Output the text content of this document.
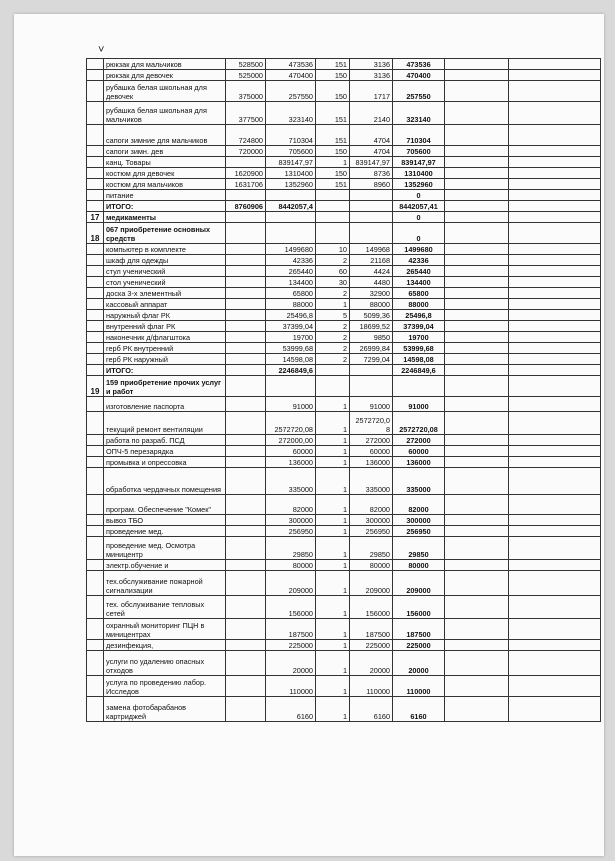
˅
	рюкзак для мальчиков	528500	473536	151	3136	473536		
	рюкзак для девочек	525000	470400	150	3136	470400		
	рубашка белая школьная для девочек	375000	257550	150	1717	257550		
	рубашка белая школьная для мальчиков	377500	323140	151	2140	323140		
	сапоги зимние для мальчиков	724800	710304	151	4704	710304		
	сапоги зимн. дев	720000	705600	150	4704	705600		
	канц. Товары		839147,97	1	839147,97	839147,97		
	костюм для девочек	1620900	1310400	150	8736	1310400		
	костюм для мальчиков	1631706	1352960	151	8960	1352960		
	питание					0		
	ИТОГО:	8760906	8442057,4			8442057,41		
17	медикаменты					0		
18	067 приобретение основных средств					0		
	компьютер в комплекте		1499680	10	149968	1499680		
	шкаф для одежды		42336	2	21168	42336		
	стул ученический		265440	60	4424	265440		
	стол ученический		134400	30	4480	134400		
	доска 3-х элементный		65800	2	32900	65800		
	кассовый аппарат		88000	1	88000	88000		
	наружный флаг РК		25496,8	5	5099,36	25496,8		
	внутренний флаг РК		37399,04	2	18699,52	37399,04		
	наконечник д/флагштока		19700	2	9850	19700		
	герб РК внутренний		53999,68	2	26999,84	53999,68		
	герб РК наружный		14598,08	2	7299,04	14598,08		
	ИТОГО:		2246849,6			2246849,6		
19	159 приобретение прочих услуг и работ							
	изготовление паспорта		91000	1	91000	91000		
	текущий ремонт вентиляции		2572720,08	1	2572720,08	2572720,08		
	работа по разраб. ПСД		272000,00	1	272000	272000		
	ОПЧ-5 перезарядка		60000	1	60000	60000		
	промывка и опрессовка		136000	1	136000	136000		
	обработка чердачных помещения		335000	1	335000	335000		
	програм. Обеспечение "Комек"		82000	1	82000	82000		
	вывоз ТБО		300000	1	300000	300000		
	проведение мед.		256950	1	256950	256950		
	проведение мед. Осмотра миницентр		29850	1	29850	29850		
	электр.обучение и		80000	1	80000	80000		
	тех.обслуживание пожарной сигнализации		209000	1	209000	209000		
	тех. обслуживание тепловых сетей		156000	1	156000	156000		
	охранный мониторинг ПЦН в миницентрах		187500	1	187500	187500		
	дезинфекция,		225000	1	225000	225000		
	услуги по удалению опасных отходов		20000	1	20000	20000		
	услуга по проведению лабор. Исследов		110000	1	110000	110000		
	замена фотобарабанов картриджей		6160	1	6160	6160		
